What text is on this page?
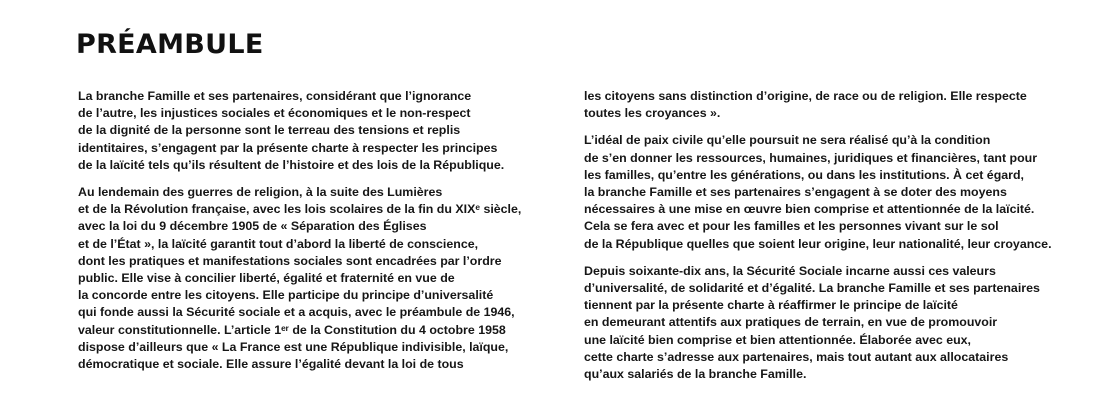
PRÉAMBULE

La branche Famille et ses partenaires, considérant que l’ignorance
de l’autre, les injustices sociales et économiques et le non-respect
de la dignité de la personne sont le terreau des tensions et replis
identitaires, s’engagent par la présente charte à respecter les principes
de la laïcité tels qu’ils résultent de l’histoire et des lois de la République.

Au lendemain des guerres de religion, à la suite des Lumières
et de la Révolution française, avec les lois scolaires de la fin du XIXᵉ siècle,
avec la loi du 9 décembre 1905 de « Séparation des Églises
et de l’État », la laïcité garantit tout d’abord la liberté de conscience,
dont les pratiques et manifestations sociales sont encadrées par l’ordre
public. Elle vise à concilier liberté, égalité et fraternité en vue de
la concorde entre les citoyens. Elle participe du principe d’universalité
qui fonde aussi la Sécurité sociale et a acquis, avec le préambule de 1946,
valeur constitutionnelle. L’article 1ᵉʳ de la Constitution du 4 octobre 1958
dispose d’ailleurs que « La France est une République indivisible, laïque,
démocratique et sociale. Elle assure l’égalité devant la loi de tous

les citoyens sans distinction d’origine, de race ou de religion. Elle respecte
toutes les croyances ».

L’idéal de paix civile qu’elle poursuit ne sera réalisé qu’à la condition
de s’en donner les ressources, humaines, juridiques et financières, tant pour
les familles, qu’entre les générations, ou dans les institutions. À cet égard,
la branche Famille et ses partenaires s’engagent à se doter des moyens
nécessaires à une mise en œuvre bien comprise et attentionnée de la laïcité.
Cela se fera avec et pour les familles et les personnes vivant sur le sol
de la République quelles que soient leur origine, leur nationalité, leur croyance.

Depuis soixante-dix ans, la Sécurité Sociale incarne aussi ces valeurs
d’universalité, de solidarité et d’égalité. La branche Famille et ses partenaires
tiennent par la présente charte à réaffirmer le principe de laïcité
en demeurant attentifs aux pratiques de terrain, en vue de promouvoir
une laïcité bien comprise et bien attentionnée. Élaborée avec eux,
cette charte s’adresse aux partenaires, mais tout autant aux allocataires
qu’aux salariés de la branche Famille.
